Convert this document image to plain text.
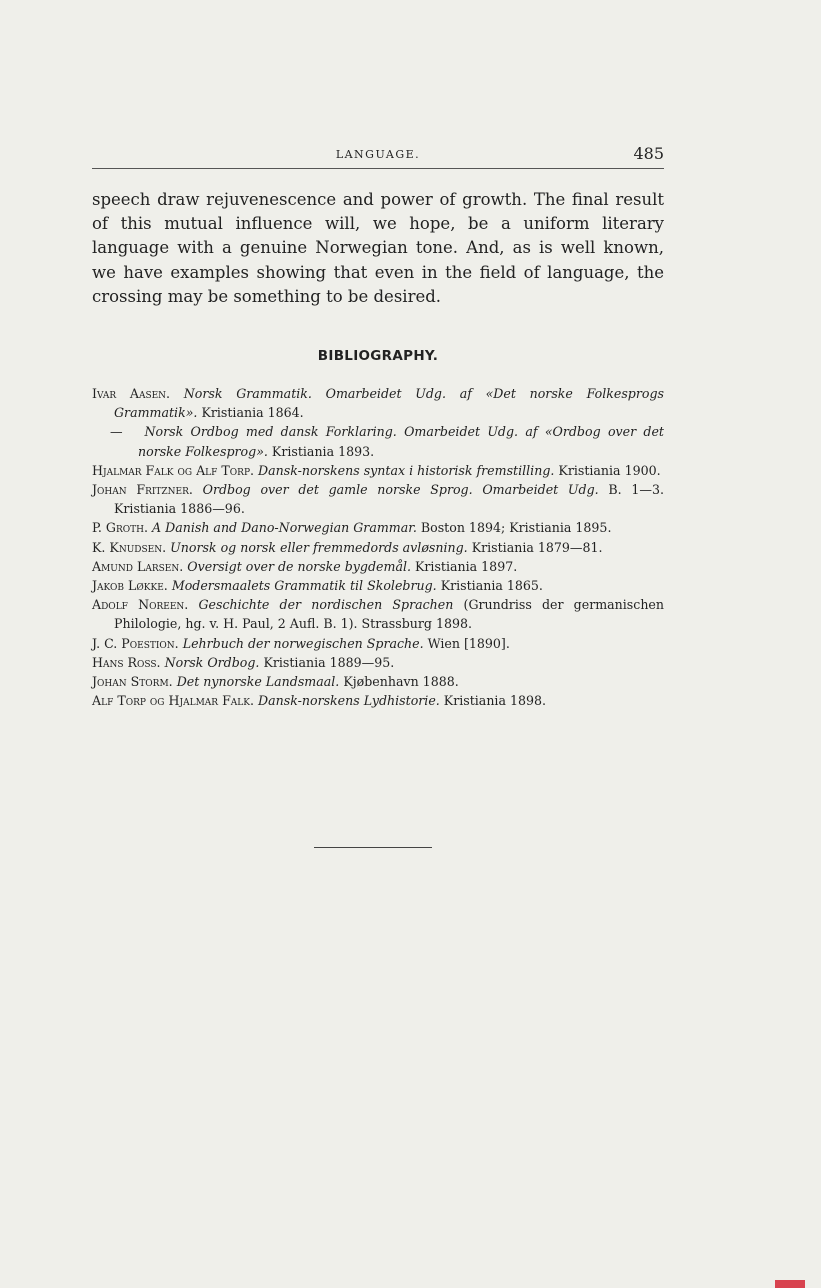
LANGUAGE.	485

speech draw rejuvenescence and power of growth. The final result of this mutual influence will, we hope, be a uniform literary language with a genuine Norwegian tone. And, as is well known, we have examples showing that even in the field of language, the crossing may be something to be desired.

BIBLIOGRAPHY.
Ivar Aasen. Norsk Grammatik. Omarbeidet Udg. af «Det norske Folkesprogs Grammatik». Kristiania 1864.
— Norsk Ordbog med dansk Forklaring. Omarbeidet Udg. af «Ordbog over det norske Folkesprog». Kristiania 1893.
Hjalmar Falk og Alf Torp. Dansk-norskens syntax i historisk fremstilling. Kristiania 1900.
Johan Fritzner. Ordbog over det gamle norske Sprog. Omarbeidet Udg. B. 1—3. Kristiania 1886—96.
P. Groth. A Danish and Dano-Norwegian Grammar. Boston 1894; Kristiania 1895.
K. Knudsen. Unorsk og norsk eller fremmedords avløsning. Kristiania 1879—81.
Amund Larsen. Oversigt over de norske bygdemål. Kristiania 1897.
Jakob Løkke. Modersmaalets Grammatik til Skolebrug. Kristiania 1865.
Adolf Noreen. Geschichte der nordischen Sprachen (Grundriss der germanischen Philologie, hg. v. H. Paul, 2 Aufl. B. 1). Strassburg 1898.
J. C. Poestion. Lehrbuch der norwegischen Sprache. Wien [1890].
Hans Ross. Norsk Ordbog. Kristiania 1889—95.
Johan Storm. Det nynorske Landsmaal. Kjøbenhavn 1888.
Alf Torp og Hjalmar Falk. Dansk-norskens Lydhistorie. Kristiania 1898.
